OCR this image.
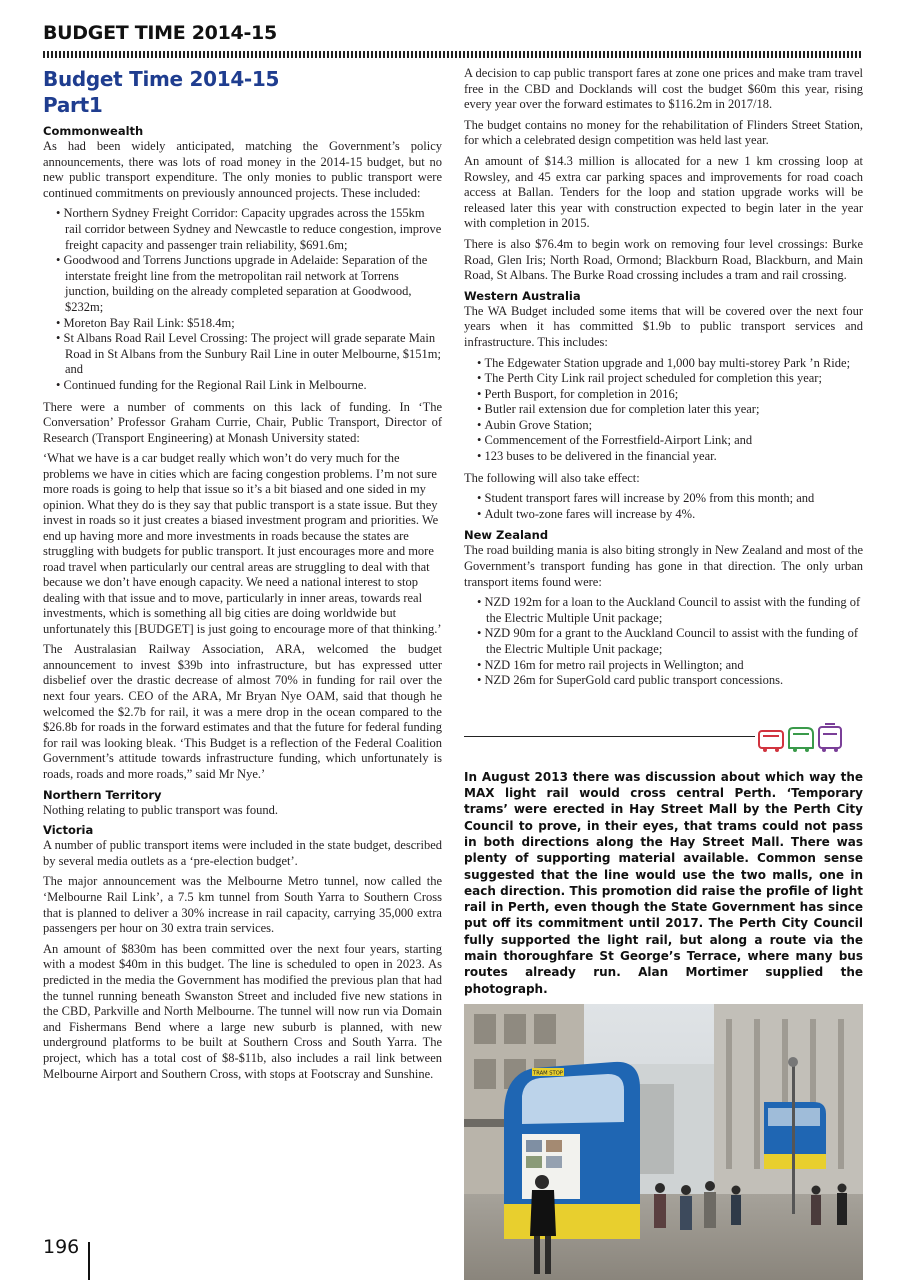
BUDGET TIME 2014-15
Budget Time 2014-15
Part1
Commonwealth

As had been widely anticipated, matching the Government’s policy announcements, there was lots of road money in the 2014-15 budget, but no new public transport expenditure. The only monies to public transport were continued commitments on previously announced projects. These included:

• Northern Sydney Freight Corridor: Capacity upgrades across the 155km rail corridor between Sydney and Newcastle to reduce congestion, improve freight capacity and passenger train reliability, $691.6m;
• Goodwood and Torrens Junctions upgrade in Adelaide: Separation of the interstate freight line from the metropolitan rail network at Torrens junction, building on the already completed separation at Goodwood, $232m;
• Moreton Bay Rail Link: $518.4m;
• St Albans Road Rail Level Crossing: The project will grade separate Main Road in St Albans from the Sunbury Rail Line in outer Melbourne, $151m; and
• Continued funding for the Regional Rail Link in Melbourne.

There were a number of comments on this lack of funding. In ‘The Conversation’ Professor Graham Currie, Chair, Public Transport, Director of Research (Transport Engineering) at Monash University stated:

‘What we have is a car budget really which won’t do very much for the problems we have in cities which are facing congestion problems. I’m not sure more roads is going to help that issue so it’s a bit biased and one sided in my opinion. What they do is they say that public transport is a state issue. But they invest in roads so it just creates a biased investment program and priorities. We end up having more and more investments in roads because the states are struggling with budgets for public transport. It just encourages more and more road travel when particularly our central areas are struggling to deal with that because we don’t have enough capacity. We need a national interest to stop dealing with that issue and to move, particularly in inner areas, towards real investments, which is something all big cities are doing worldwide but unfortunately this [BUDGET] is just going to encourage more of that thinking.’

The Australasian Railway Association, ARA, welcomed the budget announcement to invest $39b into infrastructure, but has expressed utter disbelief over the drastic decrease of almost 70% in funding for rail over the next four years. CEO of the ARA, Mr Bryan Nye OAM, said that though he welcomed the $2.7b for rail, it was a mere drop in the ocean compared to the $26.8b for roads in the forward estimates and that the future for federal funding for rail was looking bleak. ‘This Budget is a reflection of the Federal Coalition Government’s attitude towards infrastructure funding, which unfortunately is roads, roads and more roads,” said Mr Nye.’

Northern Territory

Nothing relating to public transport was found.

Victoria

A number of public transport items were included in the state budget, described by several media outlets as a ‘pre-election budget’.

The major announcement was the Melbourne Metro tunnel, now called the ‘Melbourne Rail Link’, a 7.5 km tunnel from South Yarra to Southern Cross that is planned to deliver a 30% increase in rail capacity, carrying 35,000 extra passengers per hour on 30 extra train services.

An amount of $830m has been committed over the next four years, starting with a modest $40m in this budget. The line is scheduled to open in 2023. As predicted in the media the Government has modified the previous plan that had the tunnel running beneath Swanston Street and included five new stations in the CBD, Parkville and North Melbourne. The tunnel will now run via Domain and Fishermans Bend where a large new suburb is planned, with new underground platforms to be built at Southern Cross and South Yarra. The project, which has a total cost of $8-$11b, also includes a rail link between Melbourne Airport and Southern Cross, with stops at Footscray and Sunshine.

A decision to cap public transport fares at zone one prices and make tram travel free in the CBD and Docklands will cost the budget $60m this year, rising every year over the forward estimates to $116.2m in 2017/18.

The budget contains no money for the rehabilitation of Flinders Street Station, for which a celebrated design competition was held last year.

An amount of $14.3 million is allocated for a new 1 km crossing loop at Rowsley, and 45 extra car parking spaces and improvements for road coach access at Ballan. Tenders for the loop and station upgrade works will be released later this year with construction expected to begin later in the year with completion in 2015.

There is also $76.4m to begin work on removing four level crossings: Burke Road, Glen Iris; North Road, Ormond; Blackburn Road, Blackburn, and Main Road, St Albans. The Burke Road crossing includes a tram and rail crossing.

Western Australia

The WA Budget included some items that will be covered over the next four years when it has committed $1.9b to public transport services and infrastructure. This includes:

• The Edgewater Station upgrade and 1,000 bay multi-storey Park ’n Ride;
• The Perth City Link rail project scheduled for completion this year;
• Perth Busport, for completion in 2016;
• Butler rail extension due for completion later this year;
• Aubin Grove Station;
• Commencement of the Forrestfield-Airport Link; and
• 123 buses to be delivered in the financial year.

The following will also take effect:

• Student transport fares will increase by 20% from this month; and
• Adult two-zone fares will increase by 4%.
New Zealand

The road building mania is also biting strongly in New Zealand and most of the Government’s transport funding has gone in that direction. The only urban transport items found were:

• NZD 192m for a loan to the Auckland Council to assist with the funding of the Electric Multiple Unit package;
• NZD 90m for a grant to the Auckland Council to assist with the funding of the Electric Multiple Unit package;
• NZD 16m for metro rail projects in Wellington; and
• NZD 26m for SuperGold card public transport concessions.

In August 2013 there was discussion about which way the MAX light rail would cross central Perth. ‘Temporary trams’ were erected in Hay Street Mall by the Perth City Council to prove, in their eyes, that trams could not pass in both directions along the Hay Street Mall. There was plenty of supporting material available. Common sense suggested that the line would use the two malls, one in each direction. This promotion did raise the profile of light rail in Perth, even though the State Government has since put off its commitment until 2017. The Perth City Council fully supported the light rail, but along a route via the main thoroughfare St George’s Terrace, where many bus routes already run. Alan Mortimer supplied the photograph.

TRAM STOP
196
